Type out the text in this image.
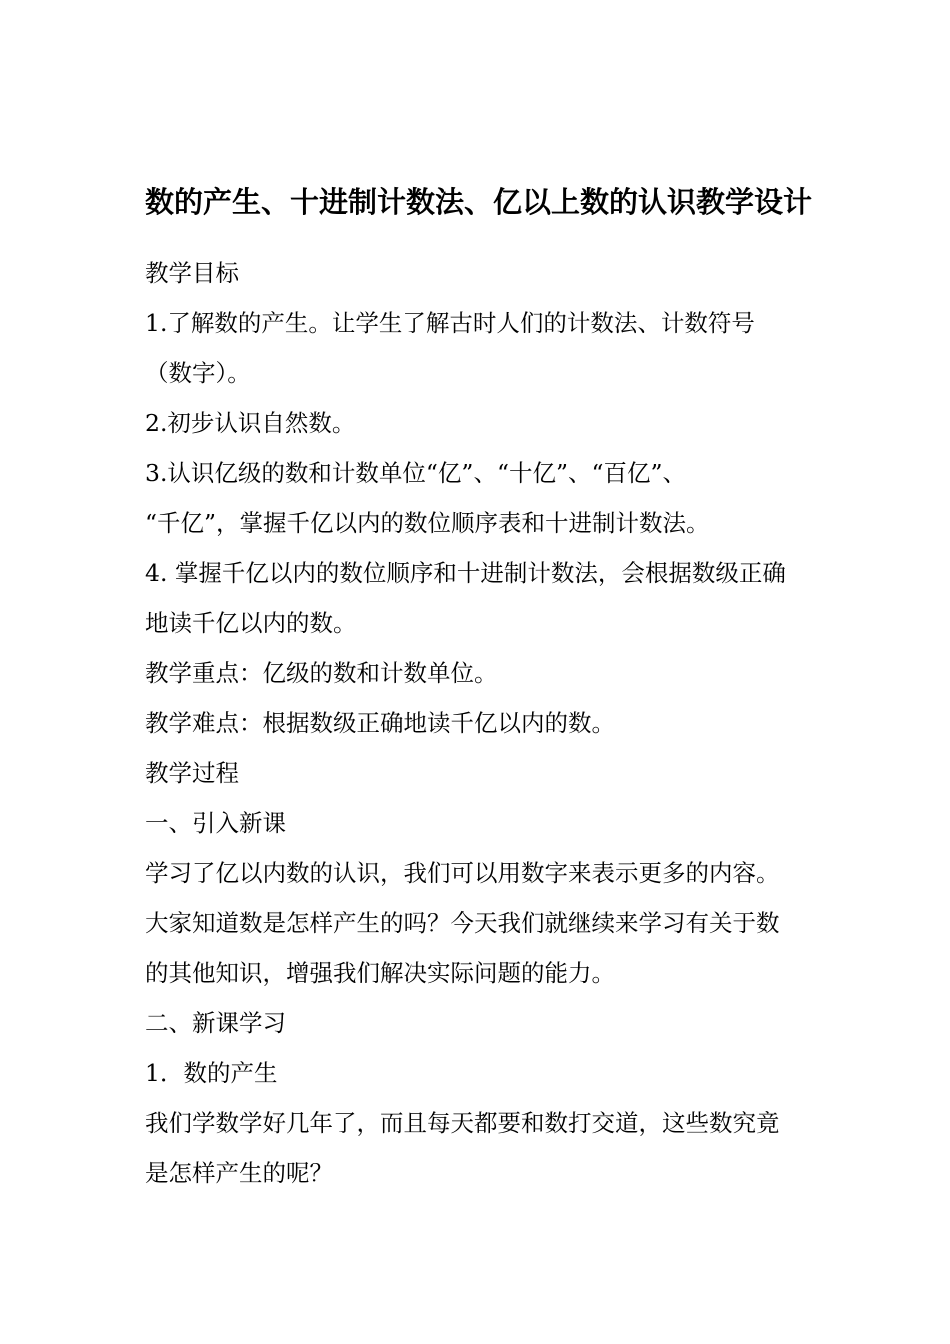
数的产生、十进制计数法、亿以上数的认识教学设计
教学目标
1.了解数的产生。让学生了解古时人们的计数法、计数符号
（数字）。
2.初步认识自然数。
3.认识亿级的数和计数单位“亿”、“十亿”、“百亿”、
“千亿”，掌握千亿以内的数位顺序表和十进制计数法。
4. 掌握千亿以内的数位顺序和十进制计数法，会根据数级正确
地读千亿以内的数。
教学重点：亿级的数和计数单位。
教学难点：根据数级正确地读千亿以内的数。
教学过程
一、引入新课
学习了亿以内数的认识，我们可以用数字来表示更多的内容。
大家知道数是怎样产生的吗？今天我们就继续来学习有关于数
的其他知识，增强我们解决实际问题的能力。
二、新课学习
1．数的产生
我们学数学好几年了，而且每天都要和数打交道，这些数究竟
是怎样产生的呢？
